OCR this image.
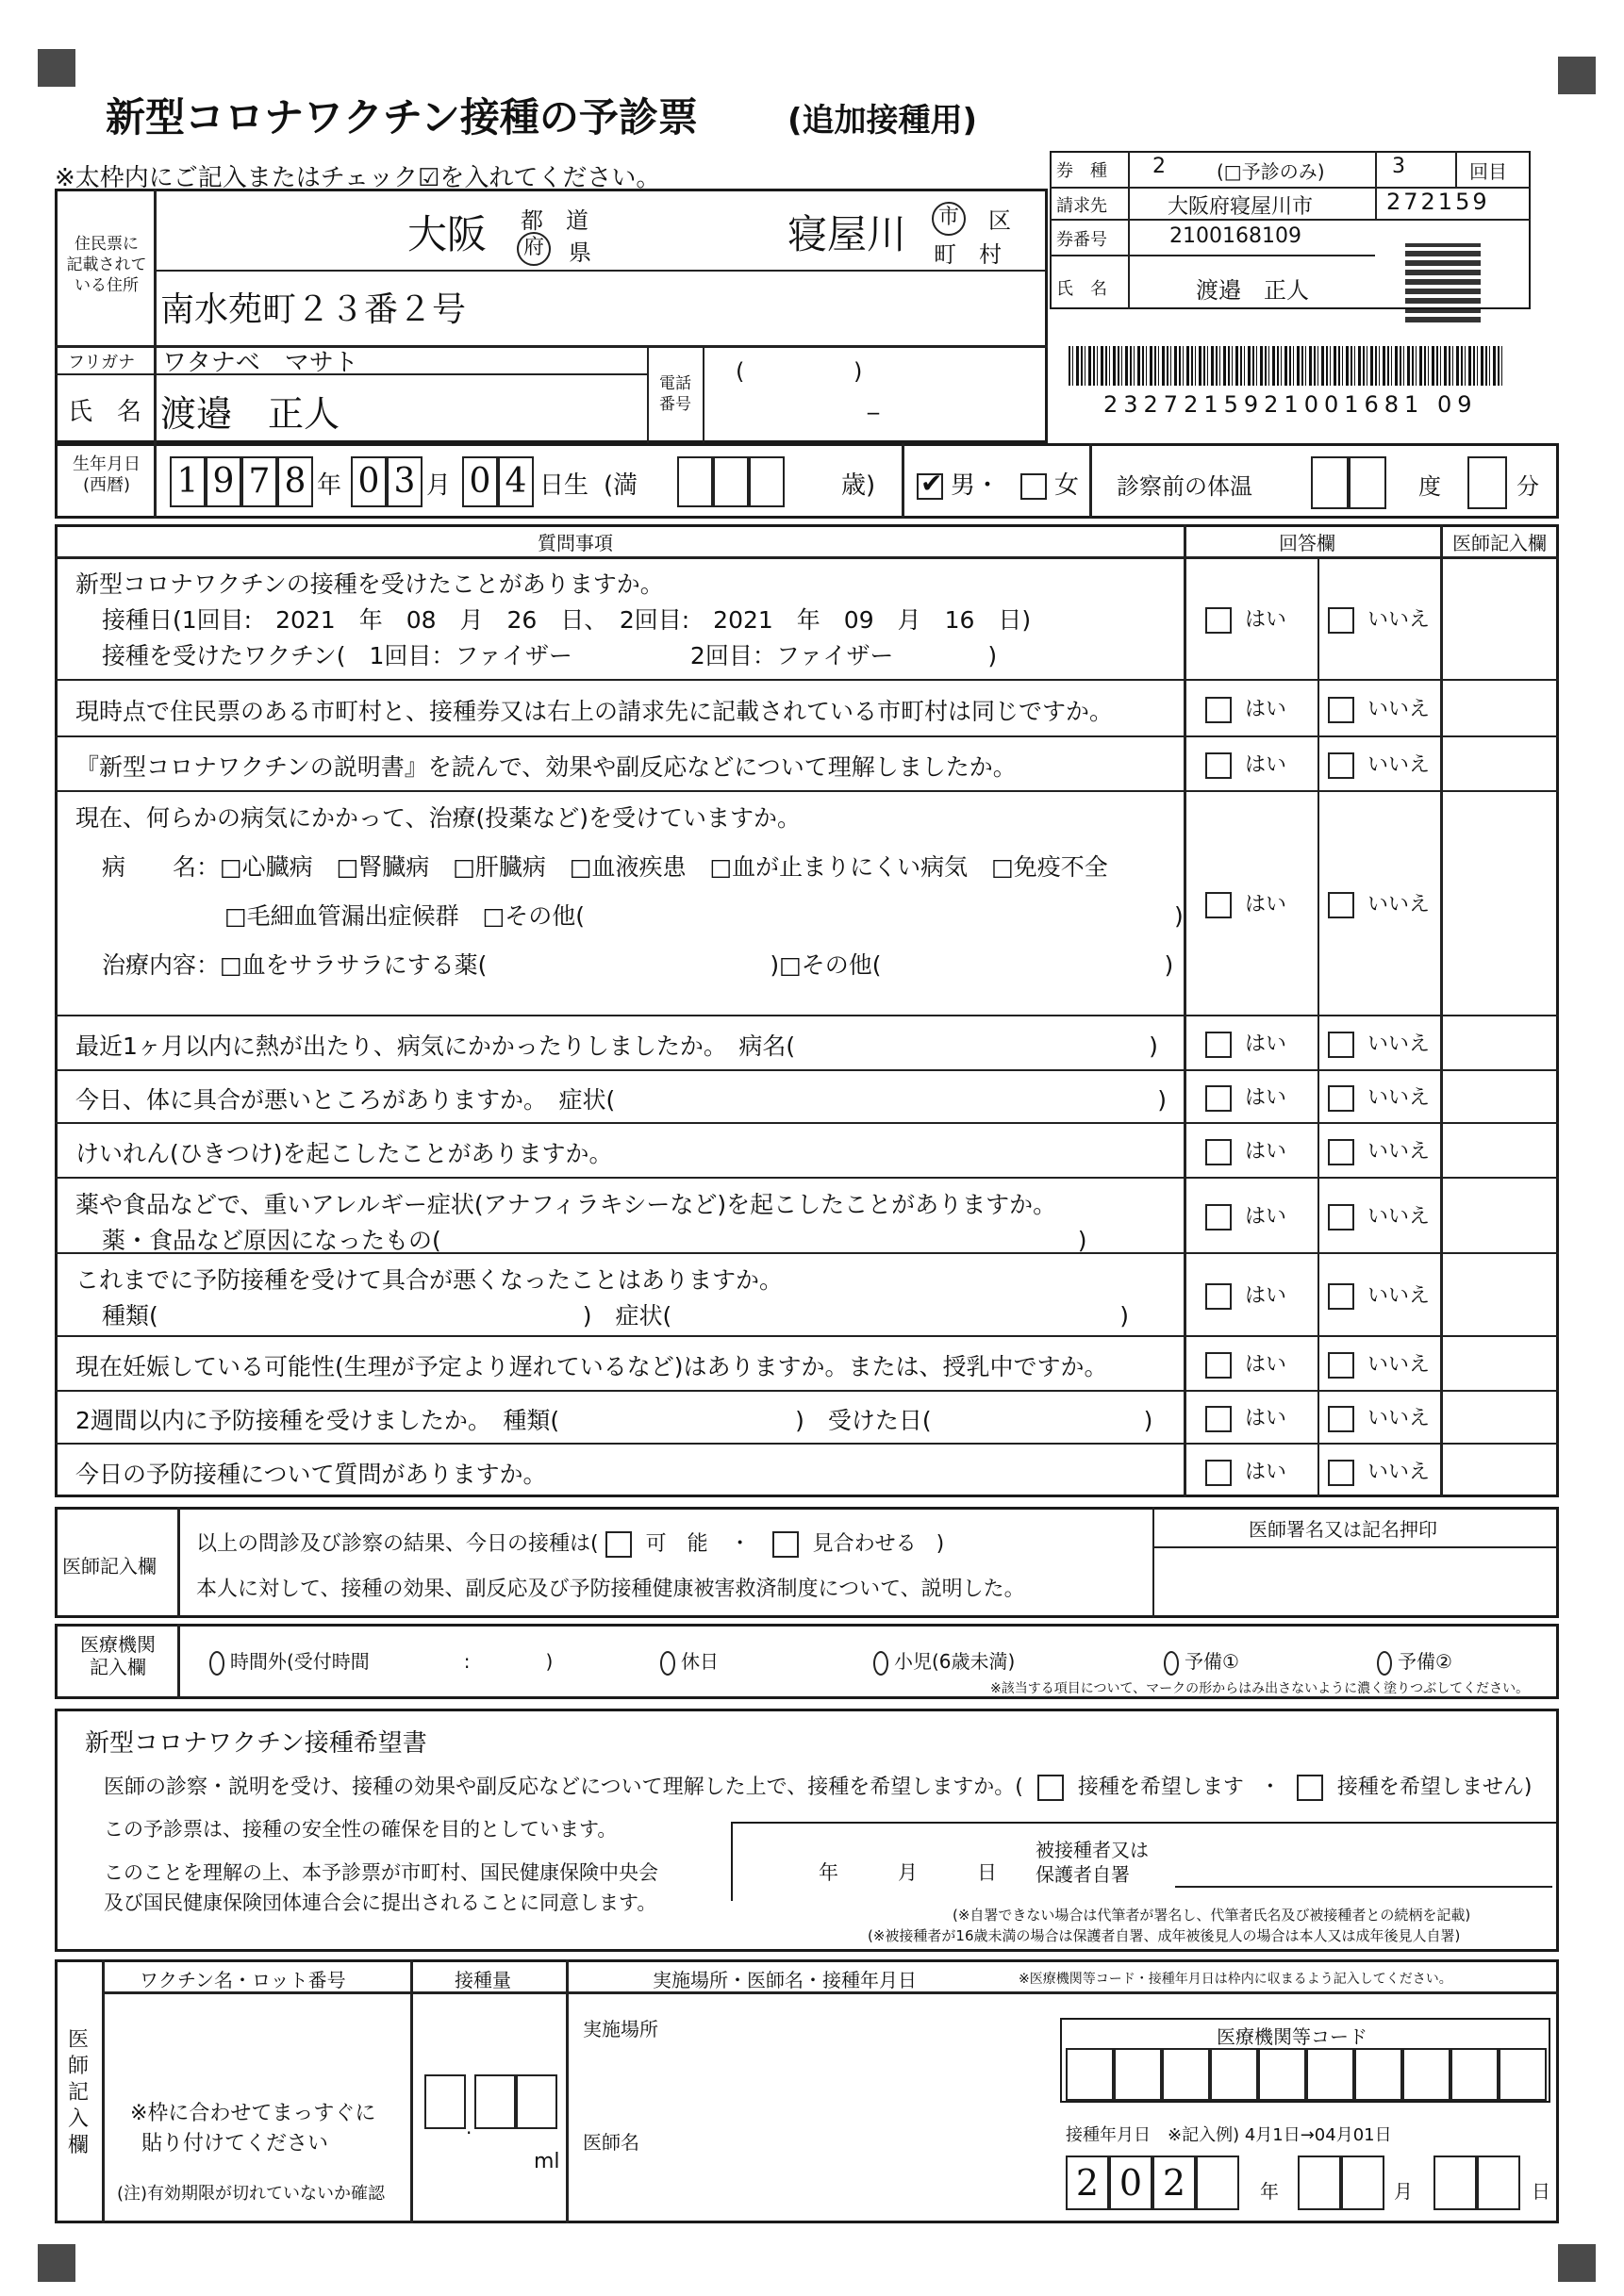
新型コロナワクチン接種の予診票	(追加接種用)
※太枠内にご記入またはチェック☑を入れてください。	券　種 2	(□予診のみ)	3	回目
請求先	大阪府寝屋川市	272159
券番号	2100168109
氏　名	渡邉　正人
2327215921001681 09
住民票に
記載されて
いる住所
大阪 都　道
府 県	寝屋川	市 区
町　村
南水苑町２３番２号
フリガナ ワタナベ　マサト
氏　名 渡邉　正人
電話
番号
(	)
_
生年月日
(西暦)	1 9 7 8 年 0 3 月 0 4 日生 (満	歳) ✔ 男・	女 診察前の体温	度	分
質問事項	回答欄	医師記入欄
新型コロナワクチンの接種を受けたことがありますか。
接種日(1回目:　2021　年　08　月　26　日、　2回目:　2021　年　09　月　16　日)
接種を受けたワクチン(　1回目：ファイザー　　　　　2回目：ファイザー　　　　)
はい	いいえ
現時点で住民票のある市町村と、接種券又は右上の請求先に記載されている市町村は同じですか。	はい	いいえ
『新型コロナワクチンの説明書』を読んで、効果や副反応などについて理解しましたか。	はい	いいえ
現在、何らかの病気にかかって、治療(投薬など)を受けていますか。
病　　名：□心臓病　□腎臓病　□肝臓病　□血液疾患　□血が止まりにくい病気　□免疫不全
□毛細血管漏出症候群　□その他(　　　　　　　　　　　　　　　　　　　　　　　　　)
治療内容：□血をサラサラにする薬(　　　　　　　　　　　　)□その他(　　　　　　　　　　　　)
はい	いいえ
最近1ヶ月以内に熱が出たり、病気にかかったりしましたか。　病名(　　　　　　　　　　　　　　　)	はい	いいえ
今日、体に具合が悪いところがありますか。　症状(　　　　　　　　　　　　　　　　　　　　　　　)	はい	いいえ
けいれん(ひきつけ)を起こしたことがありますか。	はい	いいえ
薬や食品などで、重いアレルギー症状(アナフィラキシーなど)を起こしたことがありますか。
薬・食品など原因になったもの(　　　　　　　　　　　　　　　　　　　　　　　　　　　)
はい	いいえ
これまでに予防接種を受けて具合が悪くなったことはありますか。
種類(　　　　　　　　　　　　　　　　　　)　症状(　　　　　　　　　　　　　　　　　　　)
はい	いいえ
現在妊娠している可能性(生理が予定より遅れているなど)はありますか。または、授乳中ですか。	はい	いいえ
2週間以内に予防接種を受けましたか。　種類(　　　　　　　　　　)　受けた日(　　　　　　　　　)	はい	いいえ
今日の予防接種について質問がありますか。	はい	いいえ
医師記入欄
以上の問診及び診察の結果、今日の接種は( 可　能 ・	見合わせる )
本人に対して、接種の効果、副反応及び予防接種健康被害救済制度について、説明した。
医師署名又は記名押印
医療機関
記入欄	時間外(受付時間　　　　　:　　　　)	休日	小児(6歳未満)	予備①	予備②
※該当する項目について、マークの形からはみ出さないように濃く塗りつぶしてください。
新型コロナワクチン接種希望書
医師の診察・説明を受け、接種の効果や副反応などについて理解した上で、接種を希望しますか。(	接種を希望します ・	接種を希望しません)
この予診票は、接種の安全性の確保を目的としています。
このことを理解の上、本予診票が市町村、国民健康保険中央会
及び国民健康保険団体連合会に提出されることに同意します。
年　　　月　　　日
被接種者又は
保護者自署
(※自署できない場合は代筆者が署名し、代筆者氏名及び被接種者との続柄を記載)
(※被接種者が16歳未満の場合は保護者自署、成年被後見人の場合は本人又は成年後見人自署)
医師記入欄
ワクチン名・ロット番号	接種量	実施場所・医師名・接種年月日	※医療機関等コード・接種年月日は枠内に収まるよう記入してください。
※枠に合わせてまっすぐに
貼り付けてください
(注)有効期限が切れていないか確認
.
ml
実施場所
医師名
医療機関等コード
接種年月日　※記入例) 4月1日→04月01日
2 0 2	年	月	日
